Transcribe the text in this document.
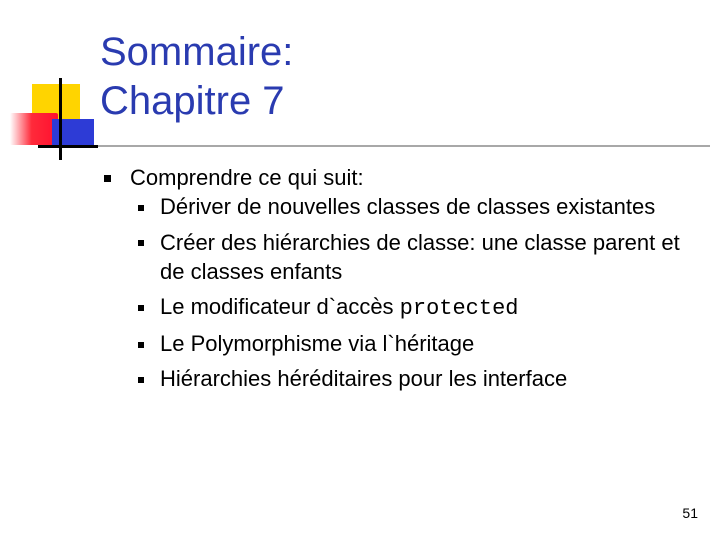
Sommaire:
Chapitre 7
Comprendre ce qui suit:
Dériver de nouvelles classes de classes existantes
Créer des hiérarchies de classe: une classe parent et de classes enfants
Le modificateur d`accès protected
Le Polymorphisme via l`héritage
Hiérarchies héréditaires pour les interface
51
